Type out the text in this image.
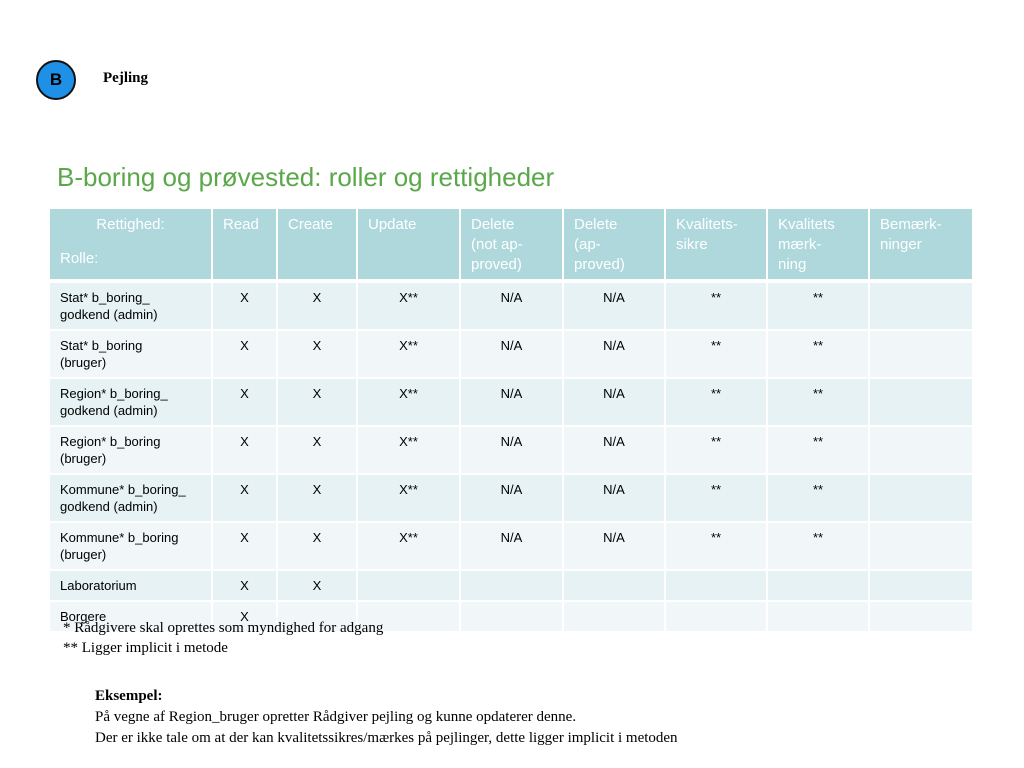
B	Pejling
B-boring og prøvested: roller og rettigheder
Rettighed:
Rolle:	Read	Create	Update	Delete
(not ap-
proved)	Delete
(ap-
proved)	Kvalitets-
sikre	Kvalitets
mærk-
ning	Bemærk-
ninger
Stat* b_boring_
godkend (admin)	X	X	X**	N/A	N/A	**	**	
Stat* b_boring
(bruger)	X	X	X**	N/A	N/A	**	**	
Region* b_boring_
godkend (admin)	X	X	X**	N/A	N/A	**	**	
Region* b_boring
(bruger)	X	X	X**	N/A	N/A	**	**	
Kommune* b_boring_
godkend (admin)	X	X	X**	N/A	N/A	**	**	
Kommune* b_boring
(bruger)	X	X	X**	N/A	N/A	**	**	
Laboratorium	X	X						
Borgere	X							
* Rådgivere skal oprettes som myndighed for adgang
** Ligger implicit i metode
Eksempel:
På vegne af Region_bruger opretter Rådgiver pejling og kunne opdaterer denne.
Der er ikke tale om at der kan kvalitetssikres/mærkes på pejlinger, dette ligger implicit i metoden
